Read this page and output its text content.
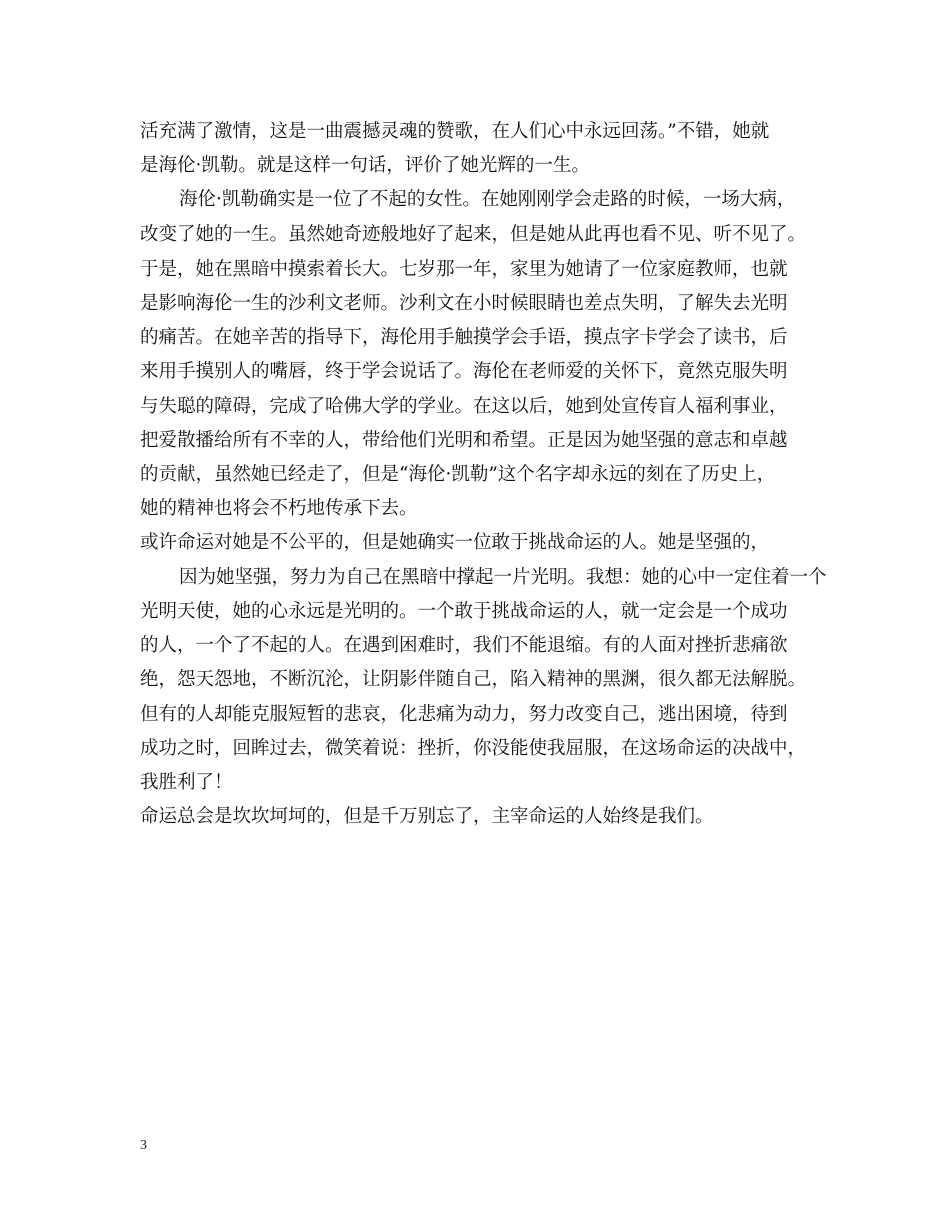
活充满了激情，这是一曲震撼灵魂的赞歌，在人们心中永远回荡。”不错，她就
是海伦·凯勒。就是这样一句话，评价了她光辉的一生。
海伦·凯勒确实是一位了不起的女性。在她刚刚学会走路的时候，一场大病，
改变了她的一生。虽然她奇迹般地好了起来，但是她从此再也看不见、听不见了。
于是，她在黑暗中摸索着长大。七岁那一年，家里为她请了一位家庭教师，也就
是影响海伦一生的沙利文老师。沙利文在小时候眼睛也差点失明，了解失去光明
的痛苦。在她辛苦的指导下，海伦用手触摸学会手语，摸点字卡学会了读书，后
来用手摸别人的嘴唇，终于学会说话了。海伦在老师爱的关怀下，竟然克服失明
与失聪的障碍，完成了哈佛大学的学业。在这以后，她到处宣传盲人福利事业，
把爱散播给所有不幸的人，带给他们光明和希望。正是因为她坚强的意志和卓越
的贡献，虽然她已经走了，但是“海伦·凯勒”这个名字却永远的刻在了历史上，
她的精神也将会不朽地传承下去。
或许命运对她是不公平的，但是她确实一位敢于挑战命运的人。她是坚强的，
因为她坚强，努力为自己在黑暗中撑起一片光明。我想：她的心中一定住着一个
光明天使，她的心永远是光明的。一个敢于挑战命运的人，就一定会是一个成功
的人，一个了不起的人。在遇到困难时，我们不能退缩。有的人面对挫折悲痛欲
绝，怨天怨地，不断沉沦，让阴影伴随自己，陷入精神的黑渊，很久都无法解脱。
但有的人却能克服短暂的悲哀，化悲痛为动力，努力改变自己，逃出困境，待到
成功之时，回眸过去，微笑着说：挫折，你没能使我屈服，在这场命运的决战中，
我胜利了！
命运总会是坎坎坷坷的，但是千万别忘了，主宰命运的人始终是我们。
3
